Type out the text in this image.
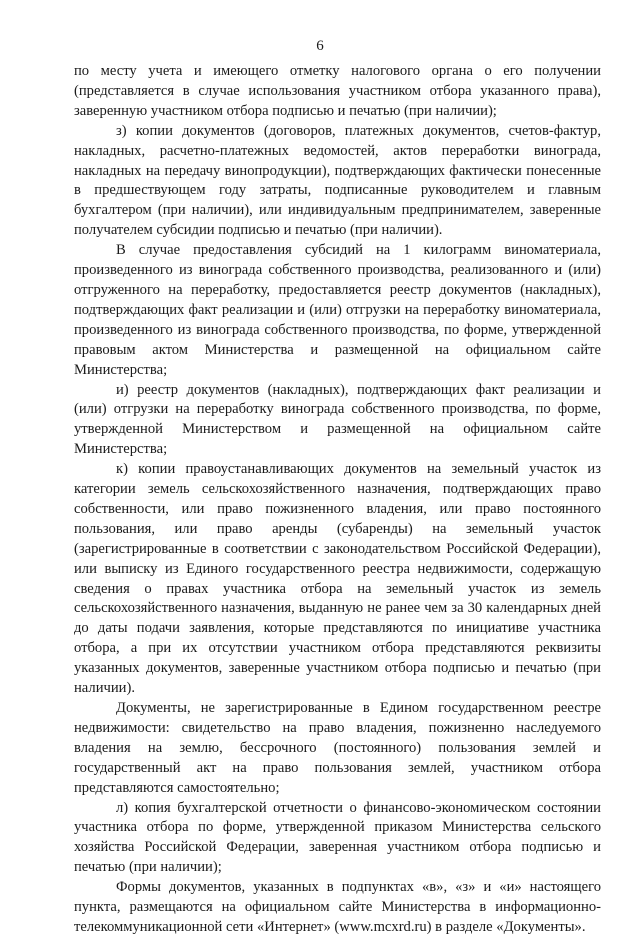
6

по месту учета и имеющего отметку налогового органа о его получении (представляется в случае использования участником отбора указанного права), заверенную участником отбора подписью и печатью (при наличии);

з) копии документов (договоров, платежных документов, счетов-фактур, накладных, расчетно-платежных ведомостей, актов переработки винограда, накладных на передачу винопродукции), подтверждающих фактически понесенные в предшествующем году затраты, подписанные руководителем и главным бухгалтером (при наличии), или индивидуальным предпринимателем, заверенные получателем субсидии подписью и печатью (при наличии).

В случае предоставления субсидий на 1 килограмм виноматериала, произведенного из винограда собственного производства, реализованного и (или) отгруженного на переработку, предоставляется реестр документов (накладных), подтверждающих факт реализации и (или) отгрузки на переработку виноматериала, произведенного из винограда собственного производства, по форме, утвержденной правовым актом Министерства и размещенной на официальном сайте Министерства;

и) реестр документов (накладных), подтверждающих факт реализации и (или) отгрузки на переработку винограда собственного производства, по форме, утвержденной Министерством и размещенной на официальном сайте Министерства;

к) копии правоустанавливающих документов на земельный участок из категории земель сельскохозяйственного назначения, подтверждающих право собственности, или право пожизненного владения, или право постоянного пользования, или право аренды (субаренды) на земельный участок (зарегистрированные в соответствии с законодательством Российской Федерации), или выписку из Единого государственного реестра недвижимости, содержащую сведения о правах участника отбора на земельный участок из земель сельскохозяйственного назначения, выданную не ранее чем за 30 календарных дней до даты подачи заявления, которые представляются по инициативе участника отбора, а при их отсутствии участником отбора представляются реквизиты указанных документов, заверенные участником отбора подписью и печатью (при наличии).

Документы, не зарегистрированные в Едином государственном реестре недвижимости: свидетельство на право владения, пожизненно наследуемого владения на землю, бессрочного (постоянного) пользования землей и государственный акт на право пользования землей, участником отбора представляются самостоятельно;

л) копия бухгалтерской отчетности о финансово-экономическом состоянии участника отбора по форме, утвержденной приказом Министерства сельского хозяйства Российской Федерации, заверенная участником отбора подписью и печатью (при наличии);

Формы документов, указанных в подпунктах «в», «з» и «и» настоящего пункта, размещаются на официальном сайте Министерства в информационно-телекоммуникационной сети «Интернет» (www.mcxrd.ru) в разделе «Документы».
